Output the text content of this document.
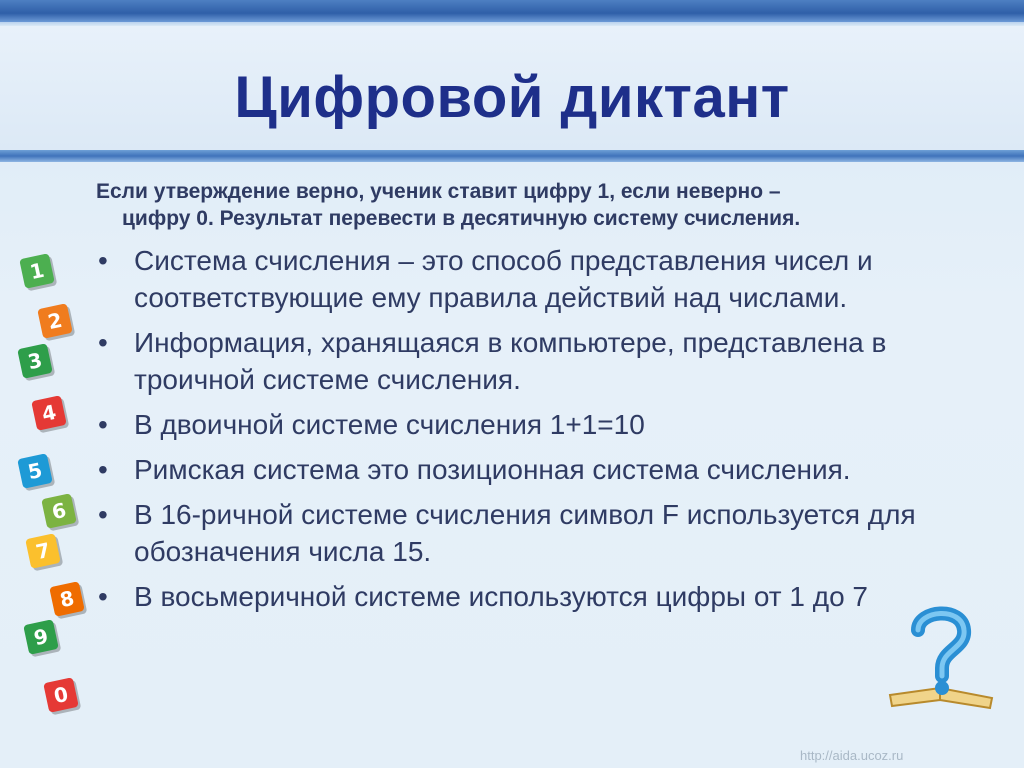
Цифровой диктант

Если утверждение верно, ученик ставит цифру 1, если неверно –
цифру 0. Результат перевести в десятичную систему счисления.

• Система счисления – это способ представления чисел и соответствующие ему правила действий над числами.
• Информация, хранящаяся в компьютере, представлена в троичной системе счисления.
• В двоичной системе счисления 1+1=10
• Римская система это позиционная система счисления.
• В 16-ричной системе счисления символ F используется для обозначения числа 15.
• В восьмеричной системе используются цифры от 1 до 7
1
2
3
4
5
6
7
8
9
0
http://aida.ucoz.ru
